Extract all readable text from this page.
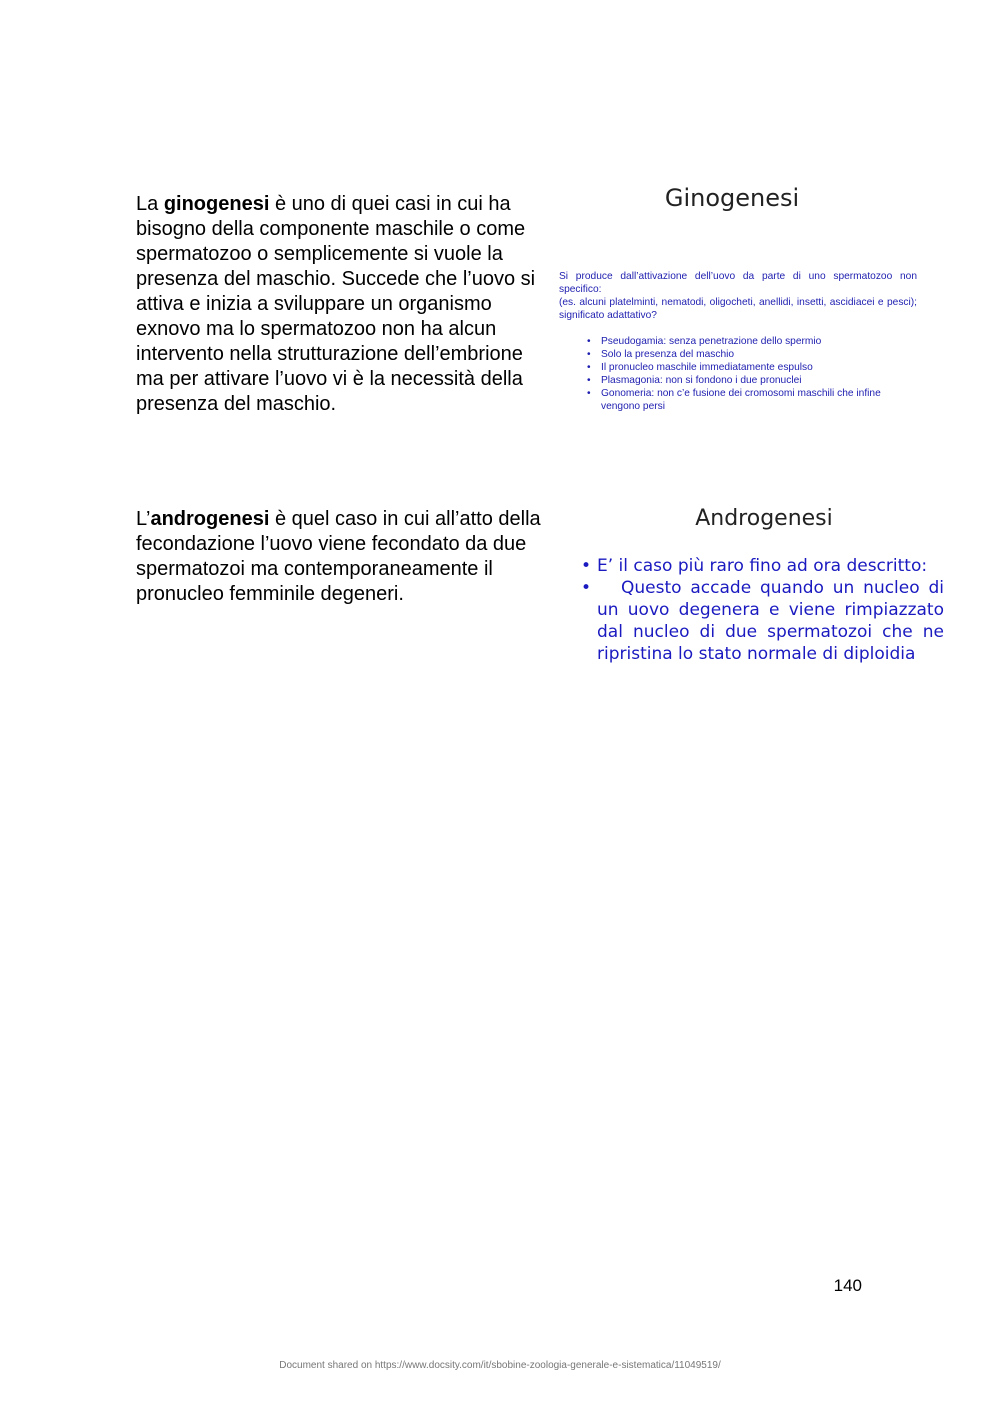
La ginogenesi è uno di quei casi in cui ha bisogno della componente maschile o come spermatozoo o semplicemente si vuole la presenza del maschio. Succede che l’uovo si attiva e inizia a sviluppare un organismo exnovo ma lo spermatozoo non ha alcun intervento nella strutturazione dell’embrione ma per attivare l’uovo vi è la necessità della presenza del maschio.
Ginogenesi
Si produce dall’attivazione dell’uovo da parte di uno spermatozoo non specifico:
(es. alcuni platelminti, nematodi, oligocheti, anellidi, insetti, ascidiacei e pesci); significato adattativo?
• Pseudogamia: senza penetrazione dello spermio
• Solo la presenza del maschio
• Il pronucleo maschile immediatamente espulso
• Plasmagonia: non si fondono i due pronuclei
• Gonomeria: non c’e fusione dei cromosomi maschili che infine vengono persi
L’androgenesi è quel caso in cui all’atto della fecondazione l’uovo viene fecondato da due spermatozoi ma contemporaneamente il pronucleo femminile degeneri.
Androgenesi
• E’ il caso più raro fino ad ora descritto:
• Questo accade quando un nucleo di un uovo degenera e viene rimpiazzato dal nucleo di due spermatozoi che ne ripristina lo stato normale di diploidia
140
Document shared on https://www.docsity.com/it/sbobine-zoologia-generale-e-sistematica/11049519/
